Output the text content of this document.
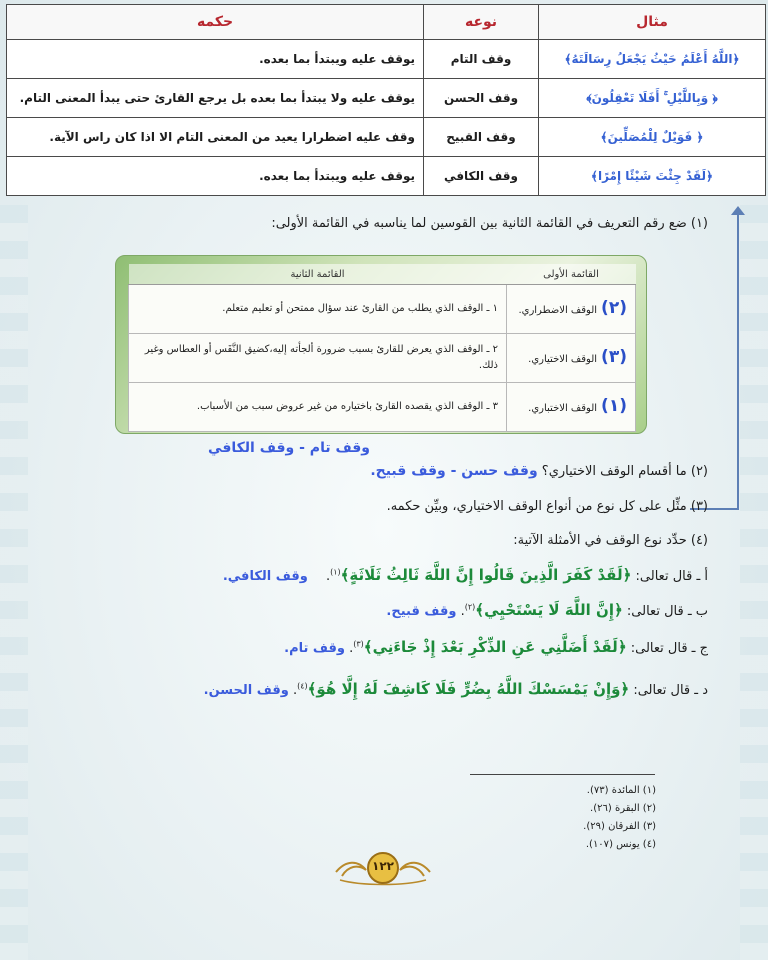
مثال	نوعه	حكمه
﴿اللَّهُ أَعْلَمُ حَيْثُ يَجْعَلُ رِسَالَتَهُ﴾	وقف التام	يوقف عليه ويبتدأ بما بعده.
﴿ وَبِاللَّيْلِ ۚ أَفَلَا تَعْقِلُونَ﴾	وقف الحسن	يوقف عليه ولا يبتدأ بما بعده بل يرجع القارئ حتى يبدأ المعنى التام.
﴿ فَوَيْلٌ لِلْمُصَلِّينَ﴾	وقف القبيح	وقف عليه اضطرارا يعيد من المعنى التام الا اذا كان راس الآية.
﴿لَقَدْ جِئْتَ شَيْئًا إِمْرًا﴾	وقف الكافي	يوقف عليه ويبتدأ بما بعده.
(١) ضع رقم التعريف في القائمة الثانية بين القوسين لما يناسبه في القائمة الأولى:
القائمة الأولى	القائمة الثانية
(٢)الوقف الاضطراري.	١ ـ الوقف الذي يطلب من القارئ عند سؤال ممتحن أو تعليم متعلم.
(٣)الوقف الاختياري.	٢ ـ الوقف الذي يعرض للقارئ بسبب ضرورة ألجأته إليه،كضيق النَّفَس أو العطاس وغير ذلك.
(١)الوقف الاختباري.	٣ ـ الوقف الذي يقصده القارئ باختياره من غير عروض سبب من الأسباب.
وقف تام - وقف الكافي
(٢) ما أقسام الوقف الاختياري؟ وقف حسن - وقف قبيح.
(٣) مثِّل على كل نوع من أنواع الوقف الاختياري، وبيِّن حكمه.
(٤) حدِّد نوع الوقف في الأمثلة الآتية:
أ ـ قال تعالى: ﴿لَقَدْ كَفَرَ الَّذِينَ قَالُوا إِنَّ اللَّهَ ثَالِثُ ثَلَاثَةٍ﴾$^{(١)}$. وقف الكافي.
ب ـ قال تعالى: ﴿إِنَّ اللَّهَ لَا يَسْتَحْيِي﴾$^{(٢)}$. وقف قبيح.
ج ـ قال تعالى: ﴿لَقَدْ أَضَلَّنِي عَنِ الذِّكْرِ بَعْدَ إِذْ جَاءَنِي﴾$^{(٣)}$. وقف تام.
د ـ قال تعالى: ﴿وَإِنْ يَمْسَسْكَ اللَّهُ بِضُرٍّ فَلَا كَاشِفَ لَهُ إِلَّا هُوَ﴾$^{(٤)}$. وقف الحسن.
(١) المائدة (٧٣).
(٢) البقرة (٢٦).
(٣) الفرقان (٢٩).
(٤) يونس (١٠٧).
١٢٢
